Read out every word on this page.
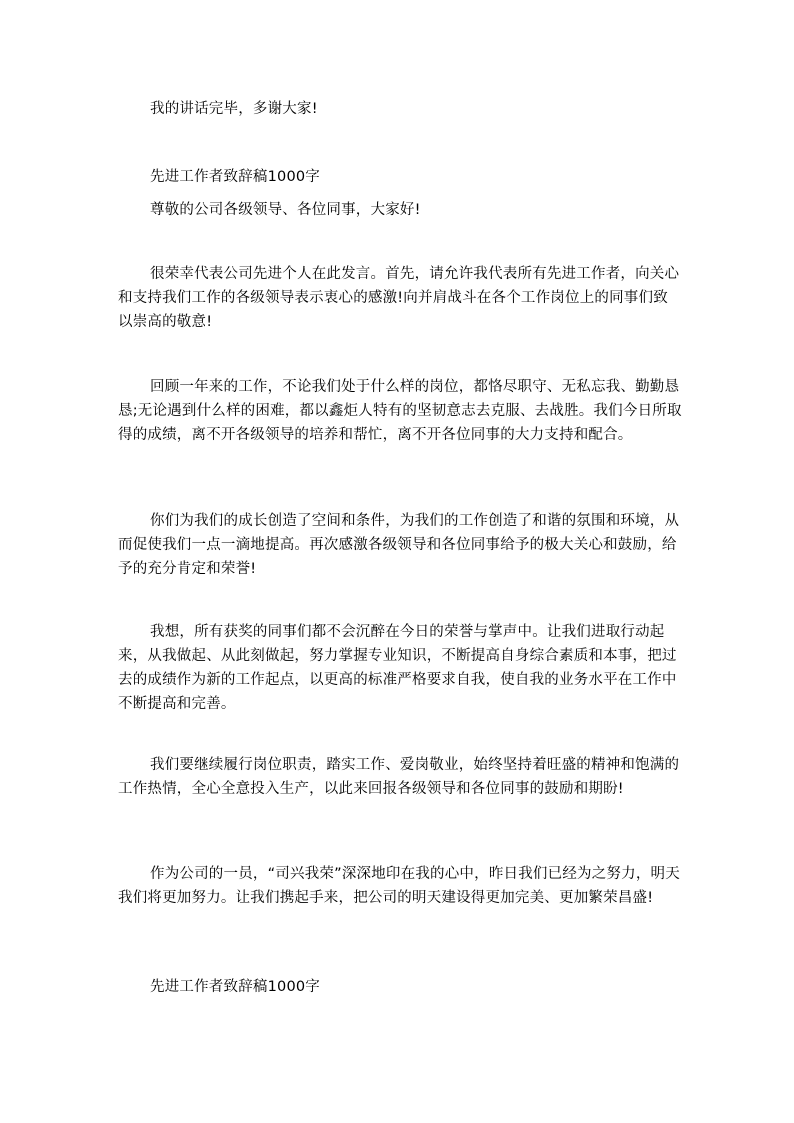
我的讲话完毕，多谢大家!

先进工作者致辞稿1000字

尊敬的公司各级领导、各位同事，大家好!

很荣幸代表公司先进个人在此发言。首先，请允许我代表所有先进工作者，向关心和支持我们工作的各级领导表示衷心的感激!向并肩战斗在各个工作岗位上的同事们致以崇高的敬意!

回顾一年来的工作，不论我们处于什么样的岗位，都恪尽职守、无私忘我、勤勤恳恳;无论遇到什么样的困难，都以鑫炬人特有的坚韧意志去克服、去战胜。我们今日所取得的成绩，离不开各级领导的培养和帮忙，离不开各位同事的大力支持和配合。

你们为我们的成长创造了空间和条件，为我们的工作创造了和谐的氛围和环境，从而促使我们一点一滴地提高。再次感激各级领导和各位同事给予的极大关心和鼓励，给予的充分肯定和荣誉!

我想，所有获奖的同事们都不会沉醉在今日的荣誉与掌声中。让我们进取行动起来，从我做起、从此刻做起，努力掌握专业知识，不断提高自身综合素质和本事，把过去的成绩作为新的工作起点，以更高的标准严格要求自我，使自我的业务水平在工作中不断提高和完善。

我们要继续履行岗位职责，踏实工作、爱岗敬业，始终坚持着旺盛的精神和饱满的工作热情，全心全意投入生产，以此来回报各级领导和各位同事的鼓励和期盼!

作为公司的一员，“司兴我荣”深深地印在我的心中，昨日我们已经为之努力，明天我们将更加努力。让我们携起手来，把公司的明天建设得更加完美、更加繁荣昌盛!

先进工作者致辞稿1000字
